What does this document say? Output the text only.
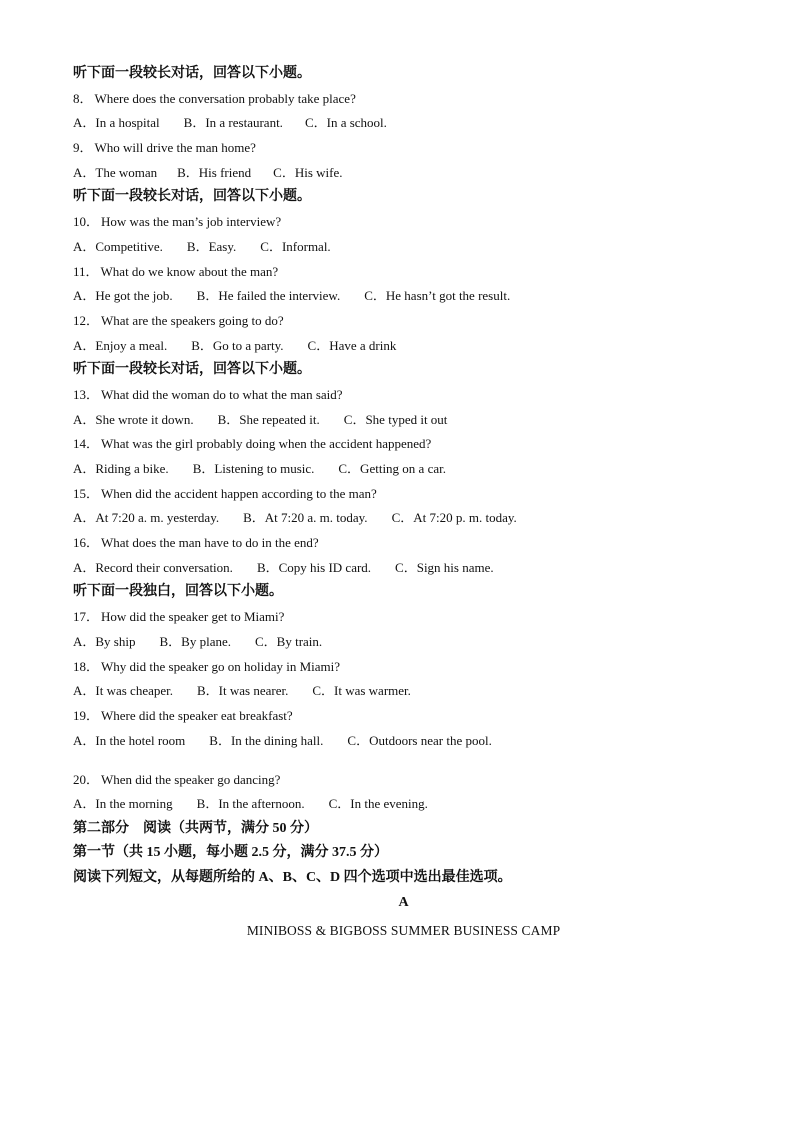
听下面一段较长对话，回答以下小题。
8． Where does the conversation probably take place?
A．In a hospital B．In a restaurant. C．In a school.
9． Who will drive the man home?
A．The woman B．His friend C．His wife.
听下面一段较长对话，回答以下小题。
10． How was the man’s job interview?
A．Competitive. B．Easy. C．Informal.
11． What do we know about the man?
A．He got the job. B．He failed the interview. C．He hasn’t got the result.
12． What are the speakers going to do?
A．Enjoy a meal. B．Go to a party. C．Have a drink
听下面一段较长对话，回答以下小题。
13． What did the woman do to what the man said?
A．She wrote it down. B．She repeated it. C．She typed it out
14． What was the girl probably doing when the accident happened?
A．Riding a bike. B．Listening to music. C．Getting on a car.
15． When did the accident happen according to the man?
A．At 7:20 a. m. yesterday. B．At 7:20 a. m. today. C．At 7:20 p. m. today.
16． What does the man have to do in the end?
A．Record their conversation. B．Copy his ID card. C．Sign his name.
听下面一段独白，回答以下小题。
17． How did the speaker get to Miami?
A．By ship B．By plane. C．By train.
18． Why did the speaker go on holiday in Miami?
A．It was cheaper. B．It was nearer. C．It was warmer.
19． Where did the speaker eat breakfast?
A．In the hotel room B．In the dining hall. C．Outdoors near the pool.
20． When did the speaker go dancing?
A．In the morning B．In the afternoon. C．In the evening.
第二部分　阅读（共两节，满分 50 分）
第一节（共 15 小题，每小题 2.5 分，满分 37.5 分）
阅读下列短文，从每题所给的 A、B、C、D 四个选项中选出最佳选项。
A
MINIBOSS & BIGBOSS SUMMER BUSINESS CAMP
